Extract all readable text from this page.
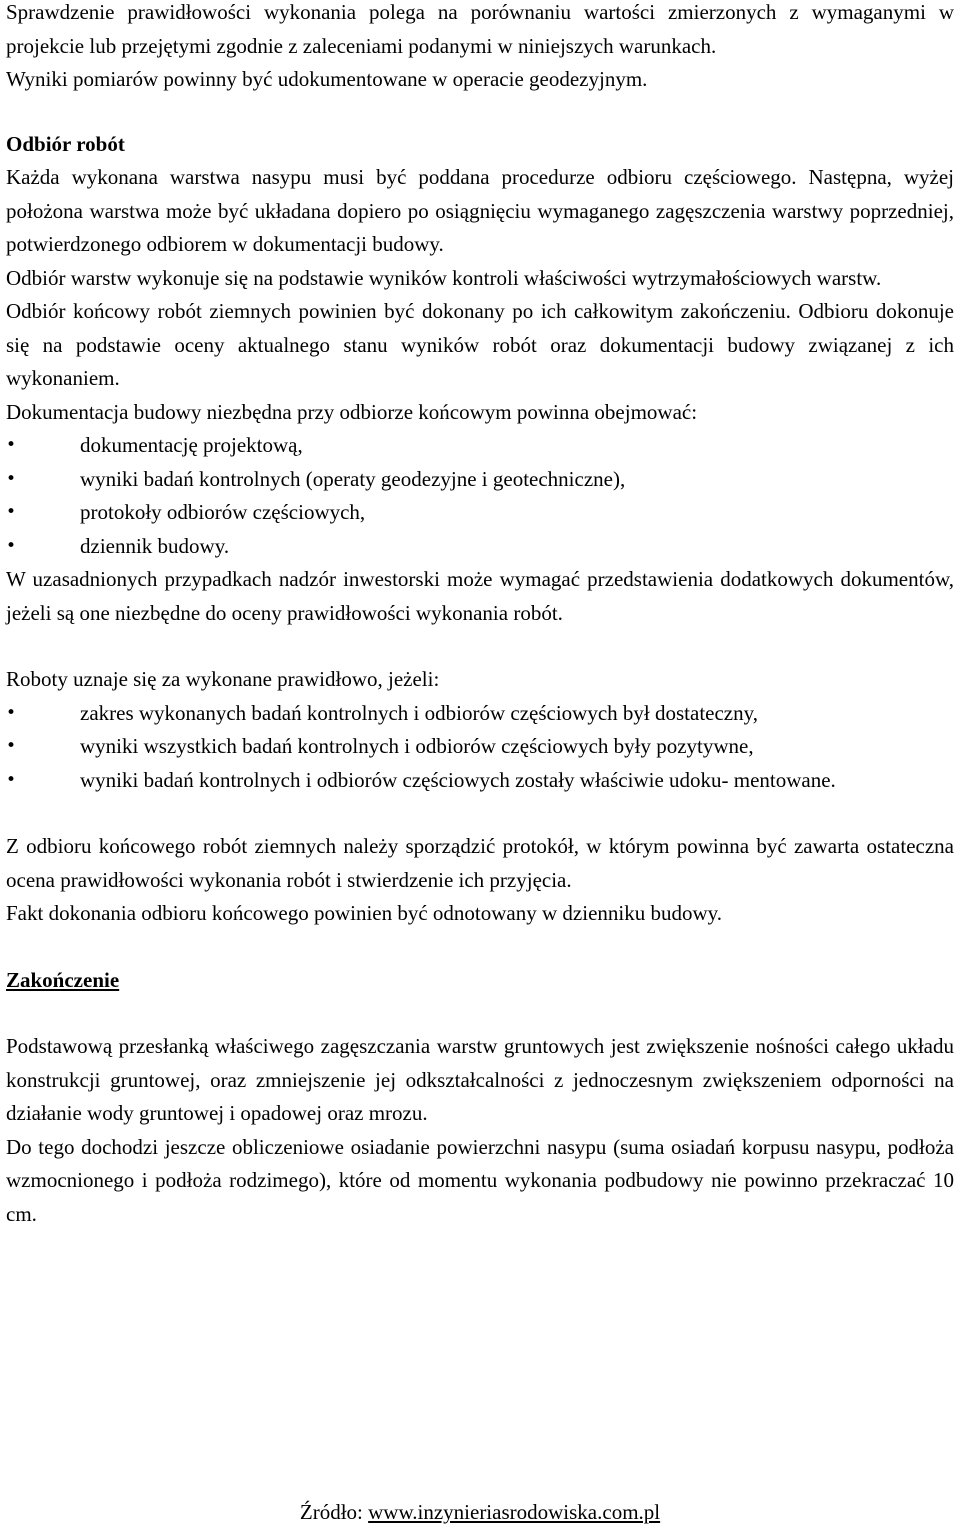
Sprawdzenie prawidłowości wykonania polega na porównaniu wartości zmierzonych z wymaganymi w projekcie lub przejętymi zgodnie z zaleceniami podanymi w niniejszych warunkach.

Wyniki pomiarów powinny być udokumentowane w operacie geodezyjnym.

Odbiór robót

Każda wykonana warstwa nasypu musi być poddana procedurze odbioru częściowego. Następna, wyżej położona warstwa może być układana dopiero po osiągnięciu wymaganego zagęszczenia warstwy poprzedniej, potwierdzonego odbiorem w dokumentacji budowy.

Odbiór warstw wykonuje się na podstawie wyników kontroli właściwości wytrzymałościowych warstw.

Odbiór końcowy robót ziemnych powinien być dokonany po ich całkowitym zakończeniu. Odbioru dokonuje się na podstawie oceny aktualnego stanu wyników robót oraz dokumentacji budowy związanej z ich wykonaniem.

Dokumentacja budowy niezbędna przy odbiorze końcowym powinna obejmować:

•	dokumentację projektową,
•	wyniki badań kontrolnych (operaty geodezyjne i geotechniczne),
•	protokoły odbiorów częściowych,
•	dziennik budowy.

W uzasadnionych przypadkach nadzór inwestorski może wymagać przedstawienia dodatkowych dokumentów, jeżeli są one niezbędne do oceny prawidłowości wykonania robót.

Roboty uznaje się za wykonane prawidłowo, jeżeli:

•	zakres wykonanych badań kontrolnych i odbiorów częściowych był dostateczny,
•	wyniki wszystkich badań kontrolnych i odbiorów częściowych były pozytywne,
•	wyniki badań kontrolnych i odbiorów częściowych zostały właściwie udoku- mentowane.

Z odbioru końcowego robót ziemnych należy sporządzić protokół, w którym powinna być zawarta ostateczna ocena prawidłowości wykonania robót i stwierdzenie ich przyjęcia.

Fakt dokonania odbioru końcowego powinien być odnotowany w dzienniku budowy.

Zakończenie

Podstawową przesłanką właściwego zagęszczania warstw gruntowych jest zwiększenie nośności całego układu konstrukcji gruntowej, oraz zmniejszenie jej odkształcalności z jednoczesnym zwiększeniem odporności na działanie wody gruntowej i opadowej oraz mrozu.

Do tego dochodzi jeszcze obliczeniowe osiadanie powierzchni nasypu (suma osiadań korpusu nasypu, podłoża wzmocnionego i podłoża rodzimego), które od momentu wykonania podbudowy nie powinno przekraczać 10 cm.

Źródło: www.inzynieriasrodowiska.com.pl
